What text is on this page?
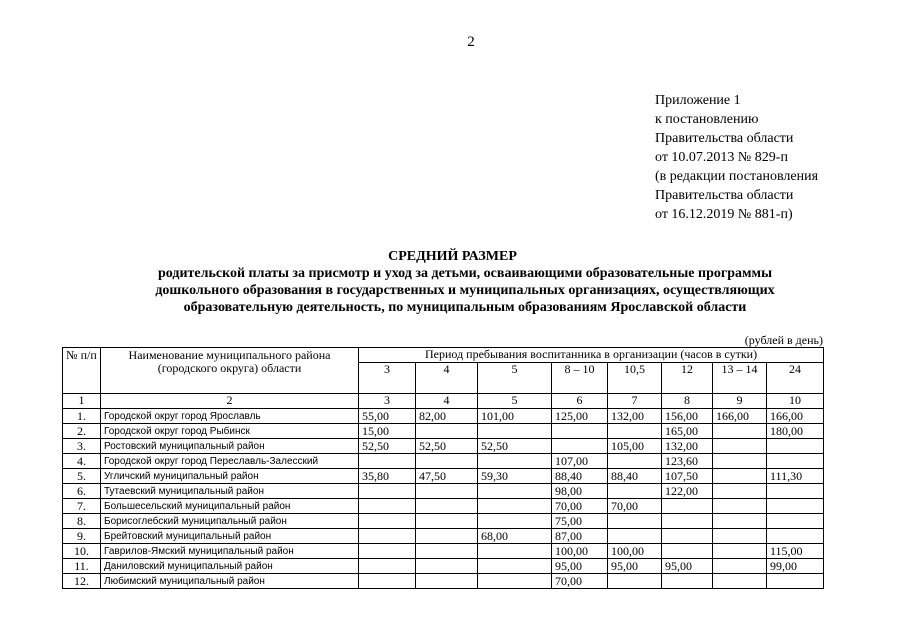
2
Приложение 1
к постановлению
Правительства области
от 10.07.2013 № 829-п
(в редакции постановления
Правительства области
от 16.12.2019 № 881-п)
СРЕДНИЙ РАЗМЕР
родительской платы за присмотр и уход за детьми, осваивающими образовательные программы
дошкольного образования в государственных и муниципальных организациях, осуществляющих
образовательную деятельность, по муниципальным образованиям Ярославской области
(рублей в день)
№ п/п	Наименование муниципального района (городского округа) области	Период пребывания воспитанника в организации (часов в сутки)							
		3	4	5	8 – 10	10,5	12	13 – 14	24
1	2	3	4	5	6	7	8	9	10
1.	Городской округ город Ярославль	55,00	82,00	101,00	125,00	132,00	156,00	166,00	166,00
2.	Городской округ город Рыбинск	15,00					165,00		180,00
3.	Ростовский муниципальный район	52,50	52,50	52,50		105,00	132,00		
4.	Городской округ город Переславль-Залесский				107,00		123,60		
5.	Угличский муниципальный район	35,80	47,50	59,30	88,40	88,40	107,50		111,30
6.	Тутаевский муниципальный район				98,00		122,00		
7.	Большесельский муниципальный район				70,00	70,00			
8.	Борисоглебский муниципальный район				75,00				
9.	Брейтовский муниципальный район			68,00	87,00				
10.	Гаврилов-Ямский муниципальный район				100,00	100,00			115,00
11.	Даниловский муниципальный район				95,00	95,00	95,00		99,00
12.	Любимский муниципальный район				70,00				
